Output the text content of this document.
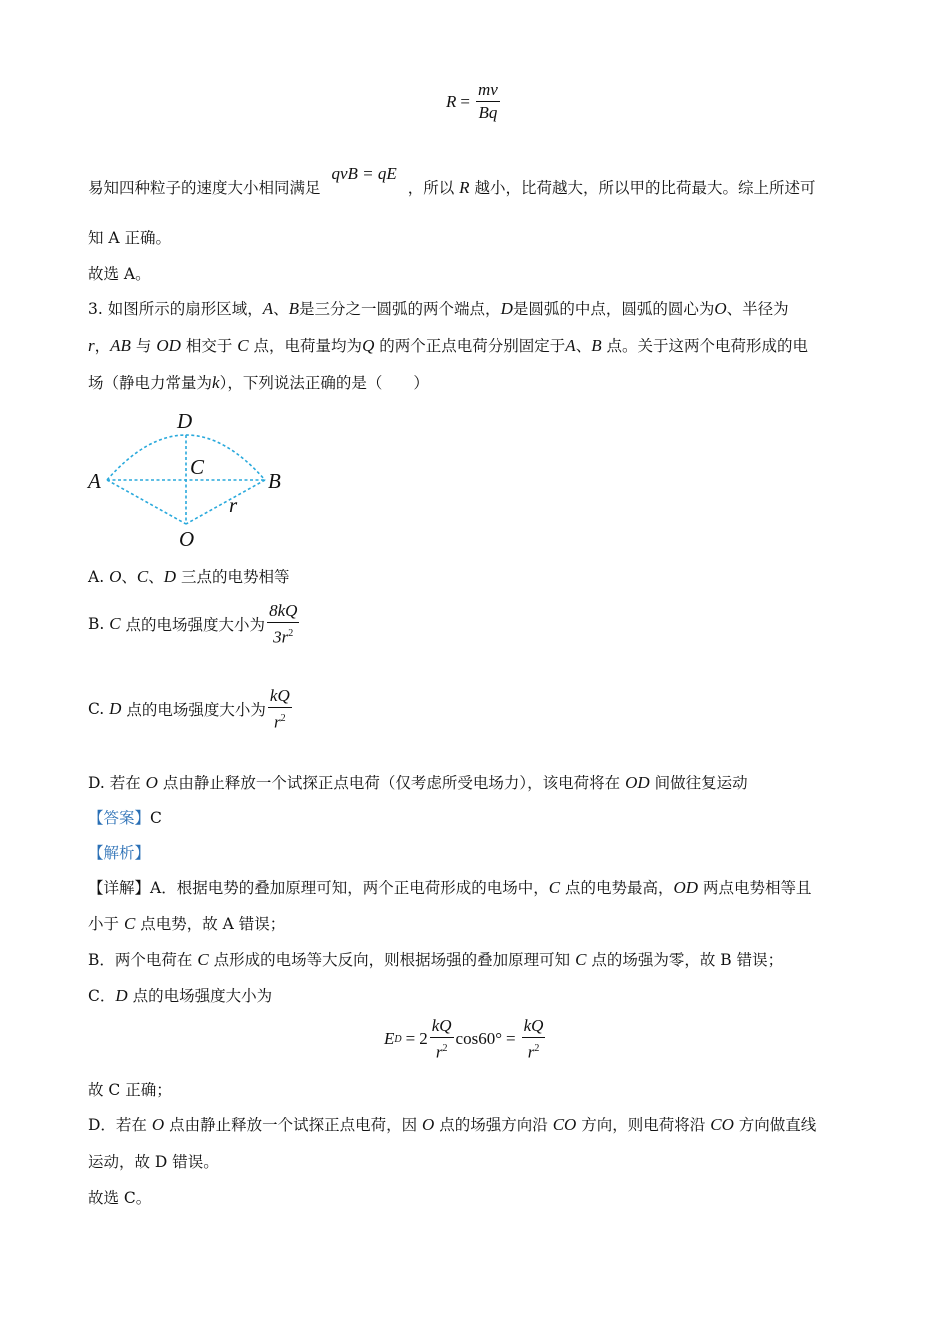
$R = \frac{mv}{Bq}$
易知四种粒子的速度大小相同满足 qvB = qE ，所以 R 越小，比荷越大，所以甲的比荷最大。综上所述可
知 A 正确。
故选 A。
3. 如图所示的扇形区域，A、B是三分之一圆弧的两个端点，D是圆弧的中点，圆弧的圆心为O、半径为
r，AB 与 OD 相交于 C 点，电荷量均为Q 的两个正点电荷分别固定于A、B 点。关于这两个电荷形成的电
场（静电力常量为k），下列说法正确的是（　　）
D
C
A	B
r
O
A. O、C、D 三点的电势相等
B.
C
点的电场强度大小为 $\frac{8kQ}{3r^2}$
C.
D
点的电场强度大小为 $\frac{kQ}{r^2}$
D. 若在 O 点由静止释放一个试探正点电荷（仅考虑所受电场力），该电荷将在 OD 间做往复运动
【答案】C
【解析】
【详解】A．根据电势的叠加原理可知，两个正电荷形成的电场中，C 点的电势最高，OD 两点电势相等且
小于 C 点电势，故 A 错误；
B．两个电荷在 C 点形成的电场等大反向，则根据场强的叠加原理可知 C 点的场强为零，故 B 错误；
C．D 点的电场强度大小为
E $D = 2 \frac{kQ}{r^2} \cos 60^\circ = \frac{kQ}{r^2}$
故 C 正确；
D．若在 O 点由静止释放一个试探正点电荷，因 O 点的场强方向沿 CO 方向，则电荷将沿 CO 方向做直线
运动，故 D 错误。
故选 C。
